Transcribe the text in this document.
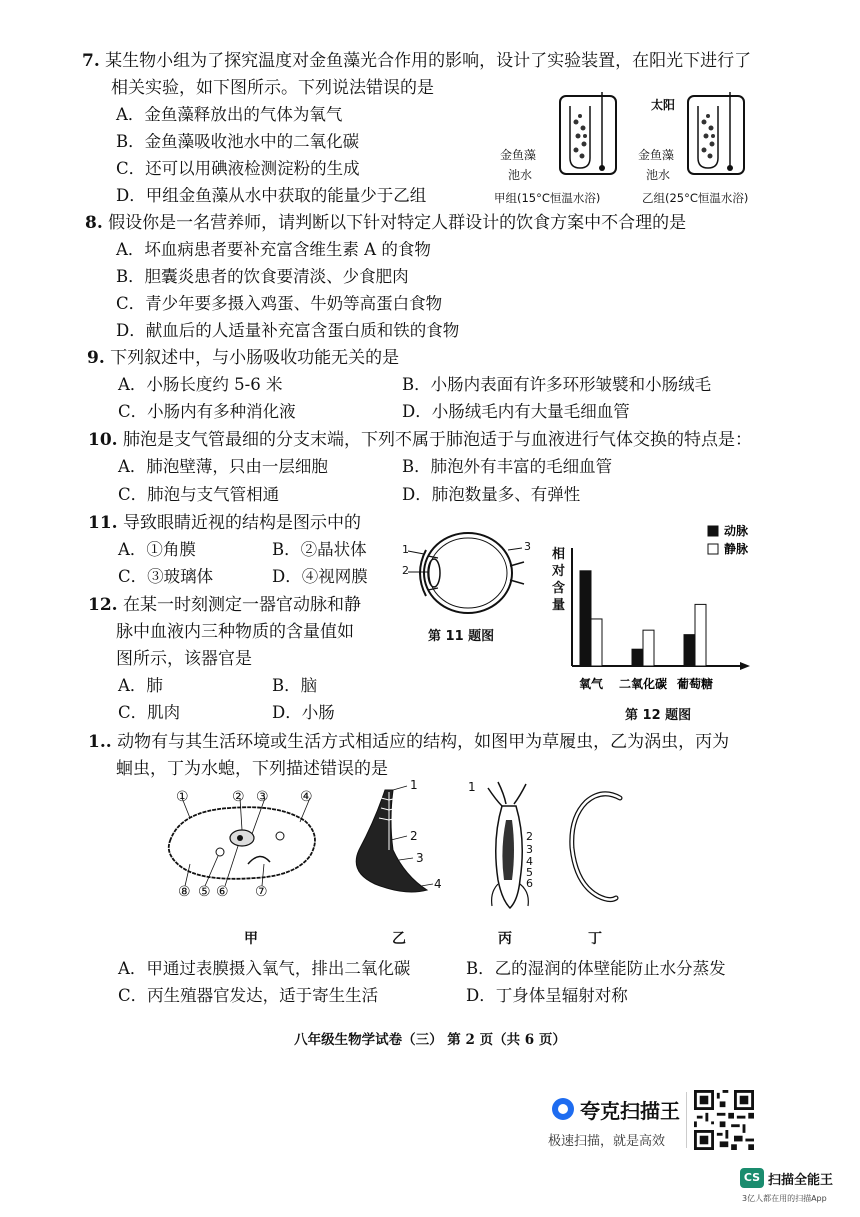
7. 某生物小组为了探究温度对金鱼藻光合作用的影响，设计了实验装置，在阳光下进行了
相关实验，如下图所示。下列说法错误的是
A．金鱼藻释放出的气体为氧气
B．金鱼藻吸收池水中的二氧化碳
C．还可以用碘液检测淀粉的生成
D．甲组金鱼藻从水中获取的能量少于乙组
太阳
金鱼藻
池水
金鱼藻
池水
甲组(15°C恒温水浴)	乙组(25°C恒温水浴)
8. 假设你是一名营养师，请判断以下针对特定人群设计的饮食方案中不合理的是
A．坏血病患者要补充富含维生素 A 的食物
B．胆囊炎患者的饮食要清淡、少食肥肉
C．青少年要多摄入鸡蛋、牛奶等高蛋白食物
D．献血后的人适量补充富含蛋白质和铁的食物
9. 下列叙述中，与小肠吸收功能无关的是
A．小肠长度约 5-6 米	B．小肠内表面有许多环形皱襞和小肠绒毛
C．小肠内有多种消化液	D．小肠绒毛内有大量毛细血管
10. 肺泡是支气管最细的分支末端，下列不属于肺泡适于与血液进行气体交换的特点是：
A．肺泡壁薄，只由一层细胞	B．肺泡外有丰富的毛细血管
C．肺泡与支气管相通	D．肺泡数量多、有弹性
11. 导致眼睛近视的结构是图示中的
A．①角膜	B．②晶状体
C．③玻璃体	D．④视网膜
1
2
3
第 11 题图
12. 在某一时刻测定一器官动脉和静
脉中血液内三种物质的含量值如
图所示，该器官是
A．肺	B．脑
C．肌肉	D．小肠
动脉
静脉
氧气 二氧化碳 葡萄糖
相对含量
第 12 题图
1.. 动物有与其生活环境或生活方式相适应的结构，如图甲为草履虫，乙为涡虫，丙为
蛔虫，丁为水螅，下列描述错误的是
①	② ③ ④
⑧ ⑤ ⑥ ⑦
1
2
3
4
1
2
3
4
5
6
甲	乙	丙	丁
A．甲通过表膜摄入氧气，排出二氧化碳	B．乙的湿润的体壁能防止水分蒸发
C．丙生殖器官发达，适于寄生生活	D．丁身体呈辐射对称
八年级生物学试卷（三） 第 2 页（共 6 页）
夸克扫描王
极速扫描，就是高效
CS 扫描全能王
3亿人都在用的扫描App
